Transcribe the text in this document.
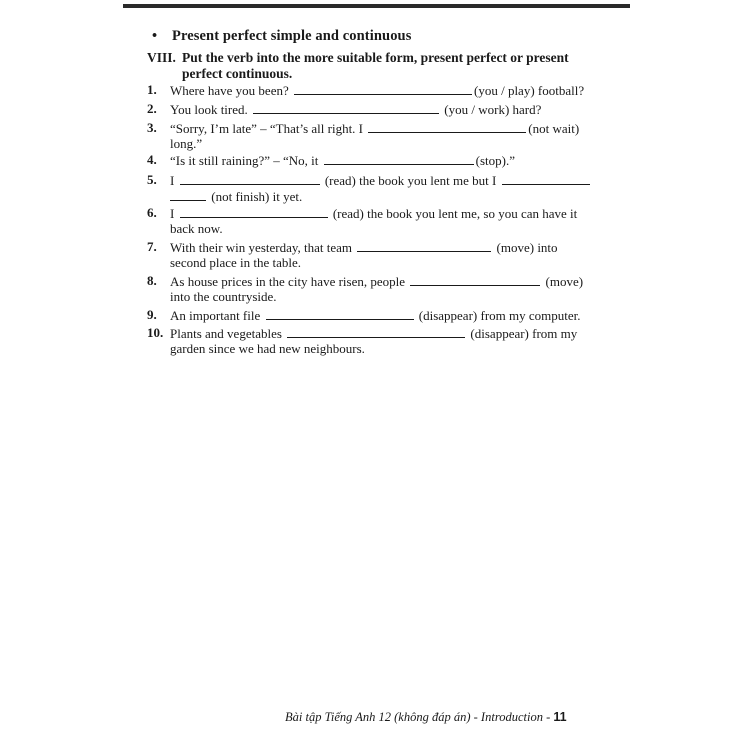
• Present perfect simple and continuous
VIII. Put the verb into the more suitable form, present perfect or present
perfect continuous.
1. Where have you been?	(you / play) football?
2. You look tired.	(you / work) hard?
3. “Sorry, I’m late” – “That’s all right. I	(not wait)
long.”
4. “Is it still raining?” – “No, it	(stop).”
5. I	(read) the book you lent me but I
(not finish) it yet.
6. I	(read) the book you lent me, so you can have it
back now.
7. With their win yesterday, that team	(move) into
second place in the table.
8. As house prices in the city have risen, people	(move)
into the countryside.
9. An important file	(disappear) from my computer.
10. Plants and vegetables	(disappear) from my
garden since we had new neighbours.
Bài tập Tiếng Anh 12 (không đáp án) - Introduction - 11
